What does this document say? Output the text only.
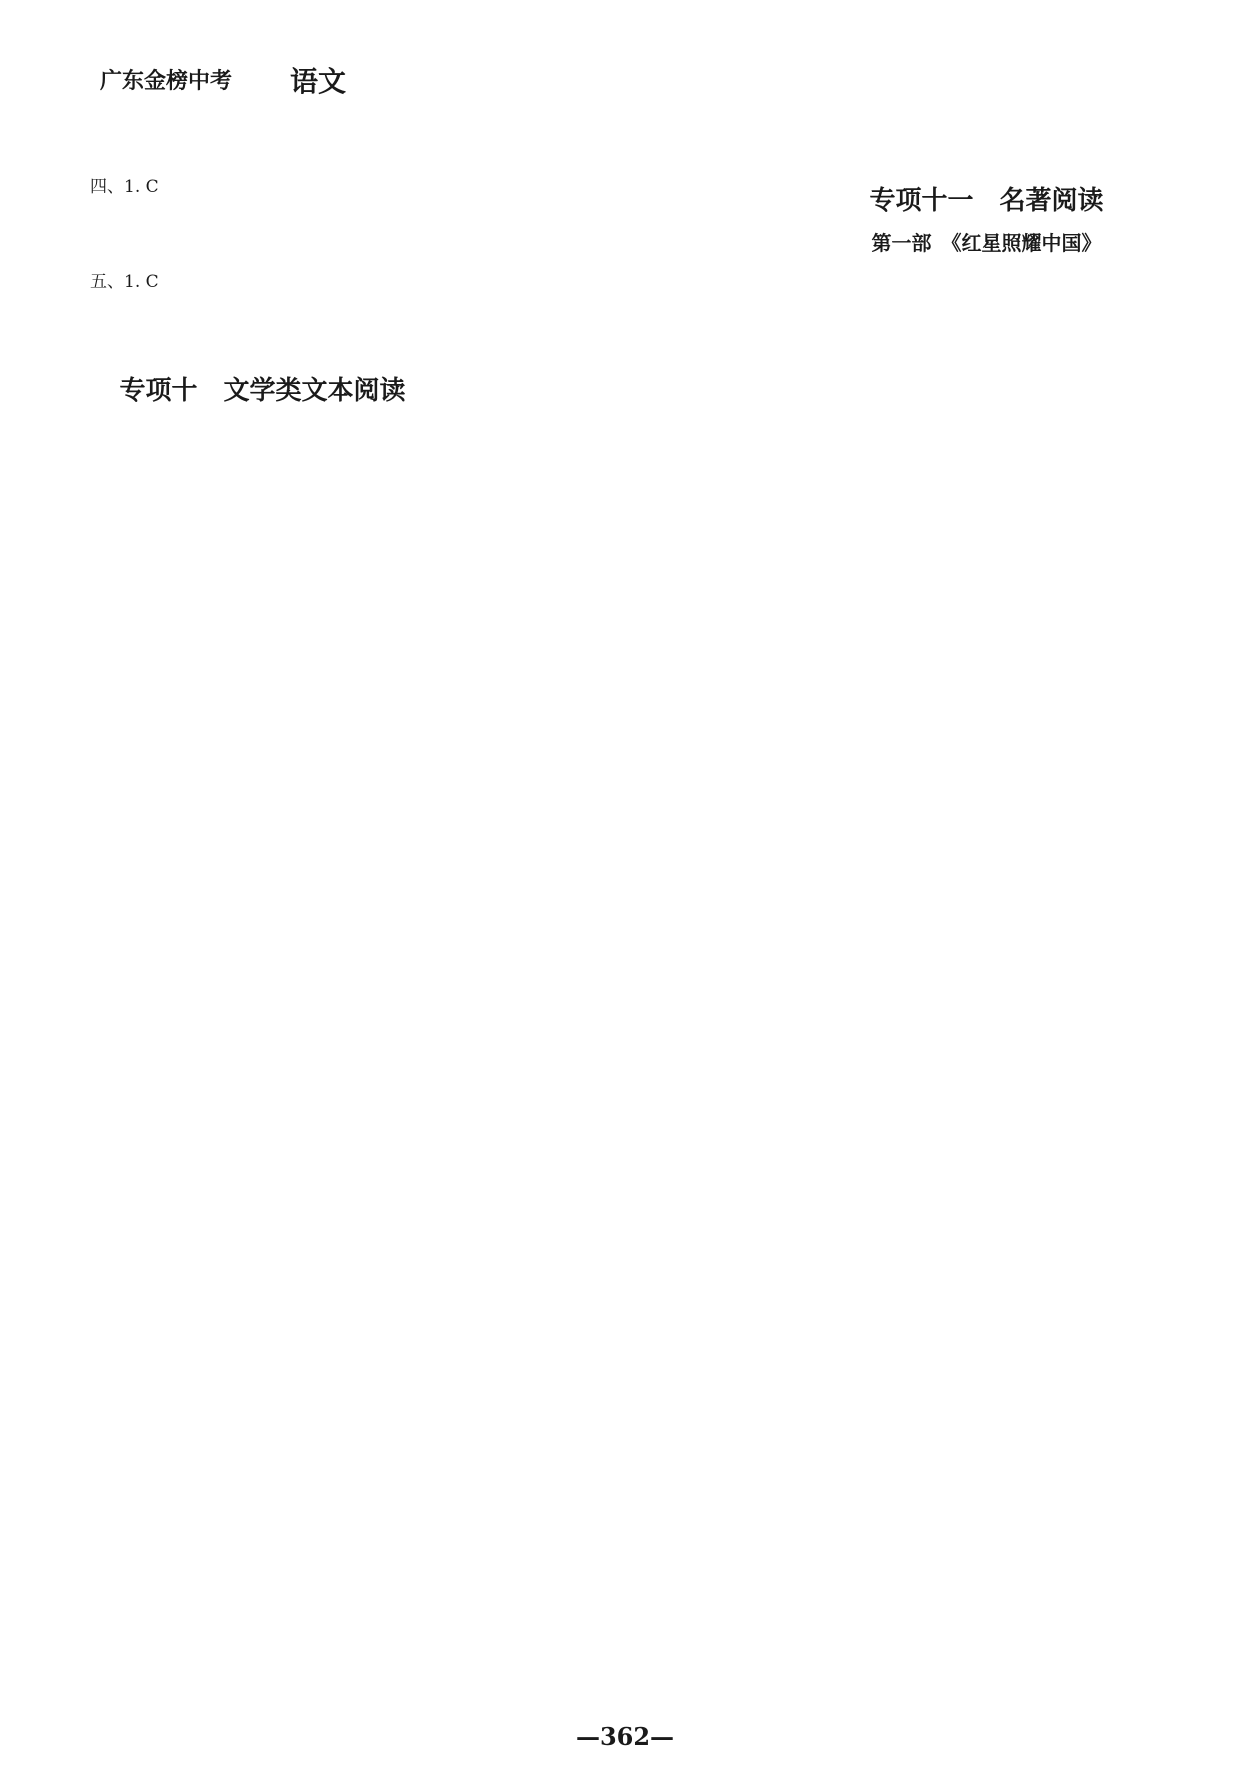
广东金榜中考 语文

四、1. C

五、1. C

专项十　文学类文本阅读
专项十一　名著阅读
第一部　《红星照耀中国》
—362—
